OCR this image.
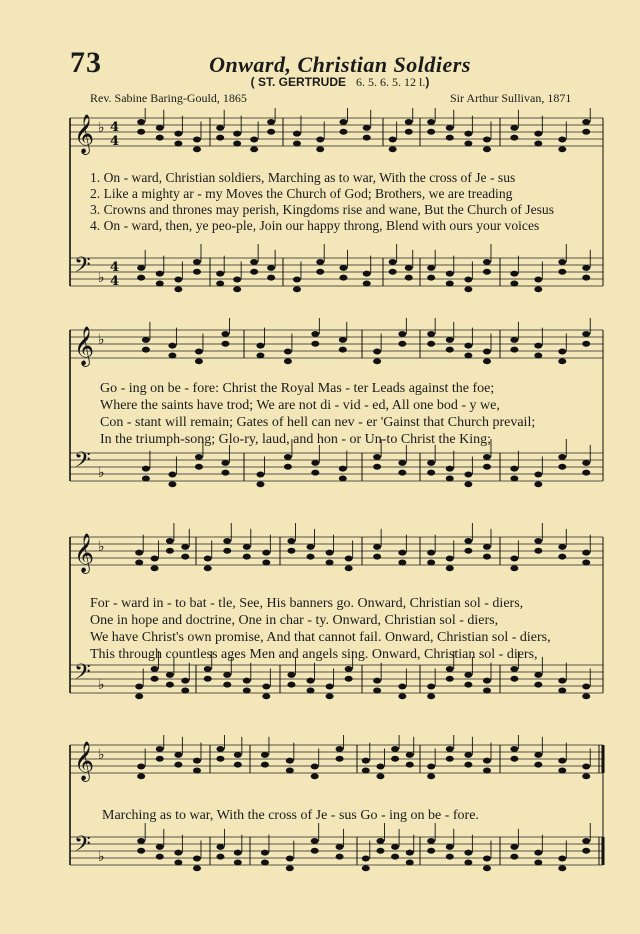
73	Onward, Christian Soldiers
( ST. GERTRUDE 6. 5. 6. 5. 12 l.)
Rev. Sabine Baring-Gould, 1865	Sir Arthur Sullivan, 1871
𝄞 ♭ 4
4
𝄢 ♭
4
4
1. On - ward, Christian soldiers, Marching as to war, With the cross of Je - sus
2. Like a mighty ar - my Moves the Church of God; Brothers, we are treading
3. Crowns and thrones may perish, Kingdoms rise and wane, But the Church of Jesus
4. On - ward, then, ye peo-ple, Join our happy throng, Blend with ours your voices
𝄞 ♭
𝄢 ♭
Go - ing on be - fore: Christ the Royal Mas - ter Leads against the foe;
Where the saints have trod; We are not di - vid - ed, All one bod - y we,
Con - stant will remain; Gates of hell can nev - er 'Gainst that Church prevail;
In the triumph-song; Glo-ry, laud, and hon - or Un-to Christ the King;
𝄞 ♭
𝄢 ♭
For - ward in - to bat - tle, See, His banners go. Onward, Christian sol - diers,
One in hope and doctrine, One in char - ty. Onward, Christian sol - diers,
We have Christ's own promise, And that cannot fail. Onward, Christian sol - diers,
This through countless ages Men and angels sing. Onward, Christian sol - diers,
𝄞 ♭
𝄢 ♭
Marching as to war, With the cross of Je - sus Go - ing on be - fore.
